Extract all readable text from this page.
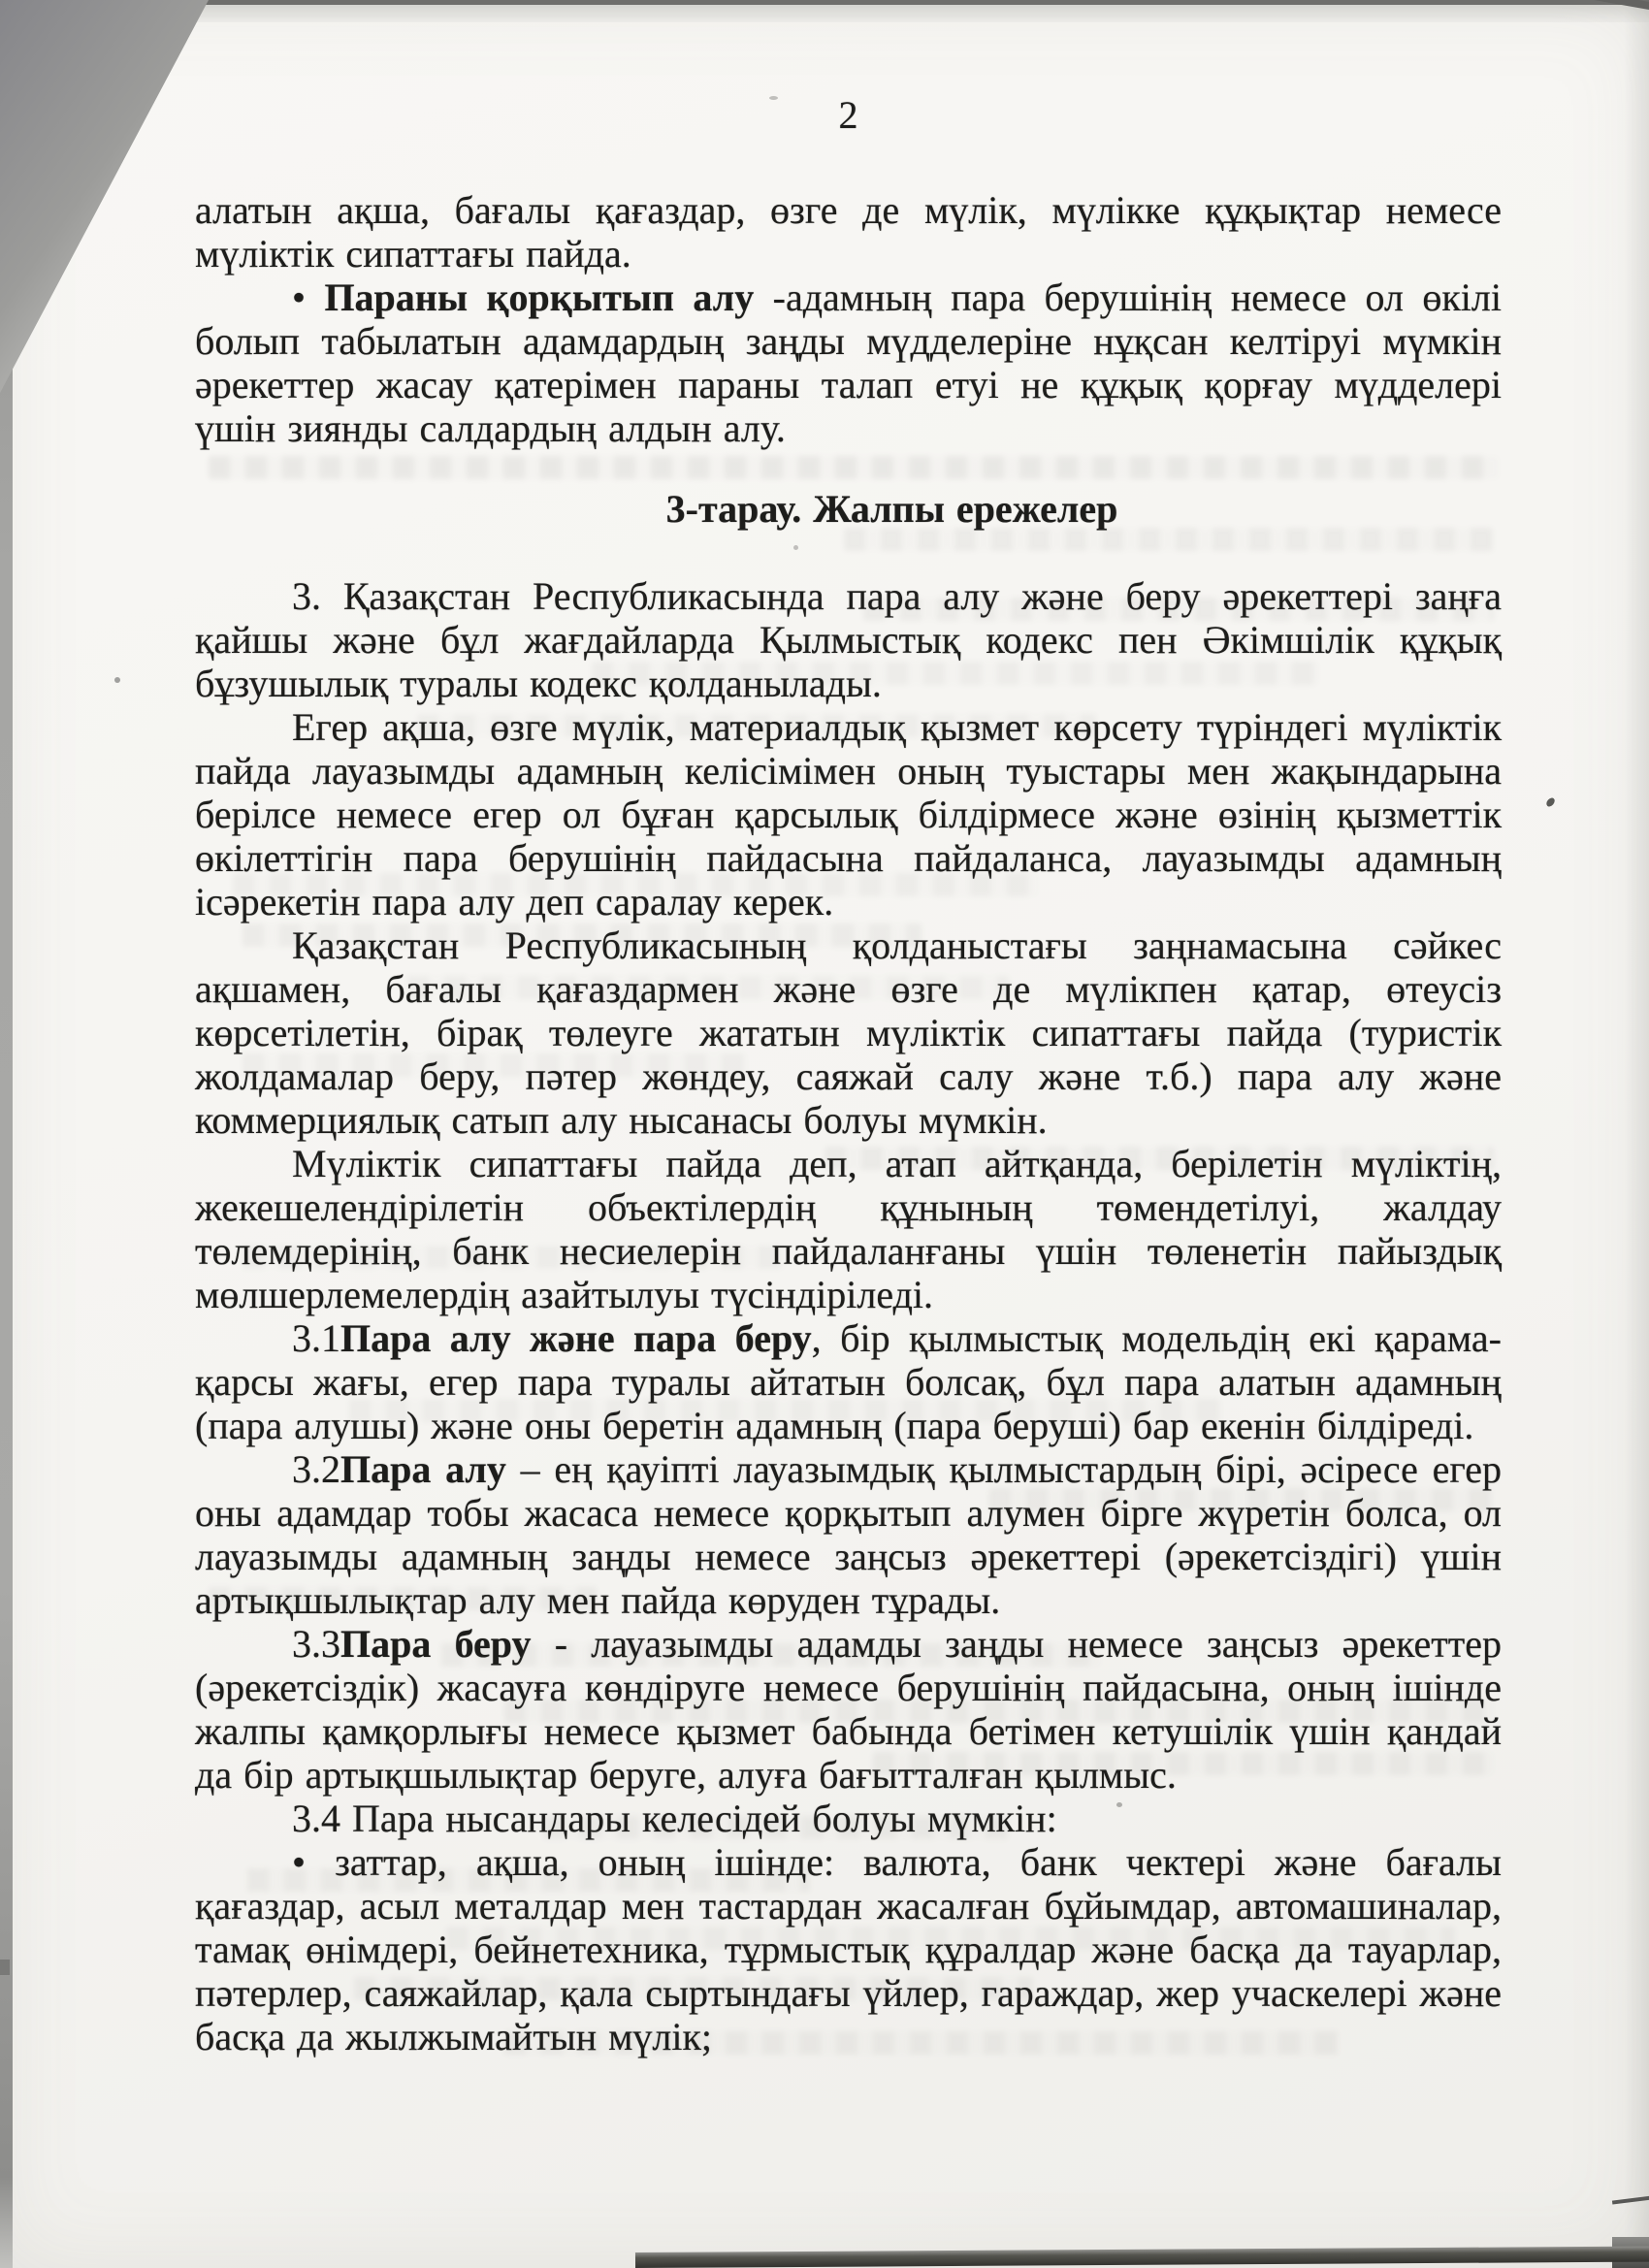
2

алатын ақша, бағалы қағаздар, өзге де мүлік, мүлікке құқықтар немесе мүліктік сипаттағы пайда.

• Параны қорқытып алу -адамның пара берушінің немесе ол өкілі болып табылатын адамдардың заңды мүдделеріне нұқсан келтіруі мүмкін әрекеттер жасау қатерімен параны талап етуі не құқық қорғау мүдделері үшін зиянды салдардың алдын алу.

3-тарау. Жалпы ережелер

3. Қазақстан Республикасында пара алу және беру әрекеттері заңға қайшы және бұл жағдайларда Қылмыстық кодекс пен Әкімшілік құқық бұзушылық туралы кодекс қолданылады.

Егер ақша, өзге мүлік, материалдық қызмет көрсету түріндегі мүліктік пайда лауазымды адамның келісімімен оның туыстары мен жақындарына берілсе немесе егер ол бұған қарсылық білдірмесе және өзінің қызметтік өкілеттігін пара берушінің пайдасына пайдаланса, лауазымды адамның ісәрекетін пара алу деп саралау керек.

Қазақстан Республикасының қолданыстағы заңнамасына сәйкес ақшамен, бағалы қағаздармен және өзге де мүлікпен қатар, өтеусіз көрсетілетін, бірақ төлеуге жататын мүліктік сипаттағы пайда (туристік жолдамалар беру, пәтер жөндеу, саяжай салу және т.б.) пара алу және коммерциялық сатып алу нысанасы болуы мүмкін.

Мүліктік сипаттағы пайда деп, атап айтқанда, берілетін мүліктің, жекешелендірілетін объектілердің құнының төмендетілуі, жалдау төлемдерінің, банк несиелерін пайдаланғаны үшін төленетін пайыздық мөлшерлемелердің азайтылуы түсіндіріледі.

3.1Пара алу және пара беру, бір қылмыстық модельдің екі қарама-қарсы жағы, егер пара туралы айтатын болсақ, бұл пара алатын адамның (пара алушы) және оны беретін адамның (пара беруші) бар екенін білдіреді.

3.2Пара алу – ең қауіпті лауазымдық қылмыстардың бірі, әсіресе егер оны адамдар тобы жасаса немесе қорқытып алумен бірге жүретін болса, ол лауазымды адамның заңды немесе заңсыз әрекеттері (әрекетсіздігі) үшін артықшылықтар алу мен пайда көруден тұрады.

3.3Пара беру - лауазымды адамды заңды немесе заңсыз әрекеттер (әрекетсіздік) жасауға көндіруге немесе берушінің пайдасына, оның ішінде жалпы қамқорлығы немесе қызмет бабында бетімен кетушілік үшін қандай да бір артықшылықтар беруге, алуға бағытталған қылмыс.

3.4 Пара нысандары келесідей болуы мүмкін:

• заттар, ақша, оның ішінде: валюта, банк чектері және бағалы қағаздар, асыл металдар мен тастардан жасалған бұйымдар, автомашиналар, тамақ өнімдері, бейнетехника, тұрмыстық құралдар және басқа да тауарлар, пәтерлер, саяжайлар, қала сыртындағы үйлер, гараждар, жер учаскелері және басқа да жылжымайтын мүлік;
